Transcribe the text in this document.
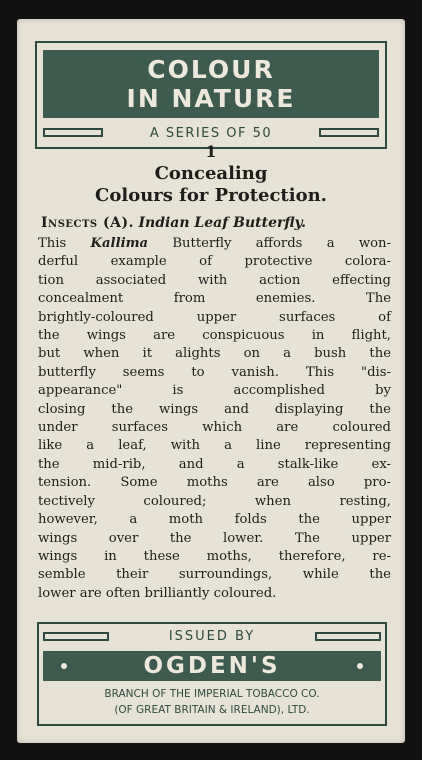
COLOUR
IN NATURE
A SERIES OF 50
1
Concealing
Colours for Protection.
Insects (A). Indian Leaf Butterfly.
This Kallima Butterfly affords a won-
derful example of protective colora-
tion associated with action effecting
concealment from enemies. The
brightly-coloured upper surfaces of
the wings are conspicuous in flight,
but when it alights on a bush the
butterfly seems to vanish. This "dis-
appearance" is accomplished by
closing the wings and displaying the
under surfaces which are coloured
like a leaf, with a line representing
the mid-rib, and a stalk-like ex-
tension. Some moths are also pro-
tectively coloured; when resting,
however, a moth folds the upper
wings over the lower. The upper
wings in these moths, therefore, re-
semble their surroundings, while the
lower are often brilliantly coloured.
ISSUED BY
OGDEN'S
BRANCH OF THE IMPERIAL TOBACCO CO.
(OF GREAT BRITAIN & IRELAND), LTD.
